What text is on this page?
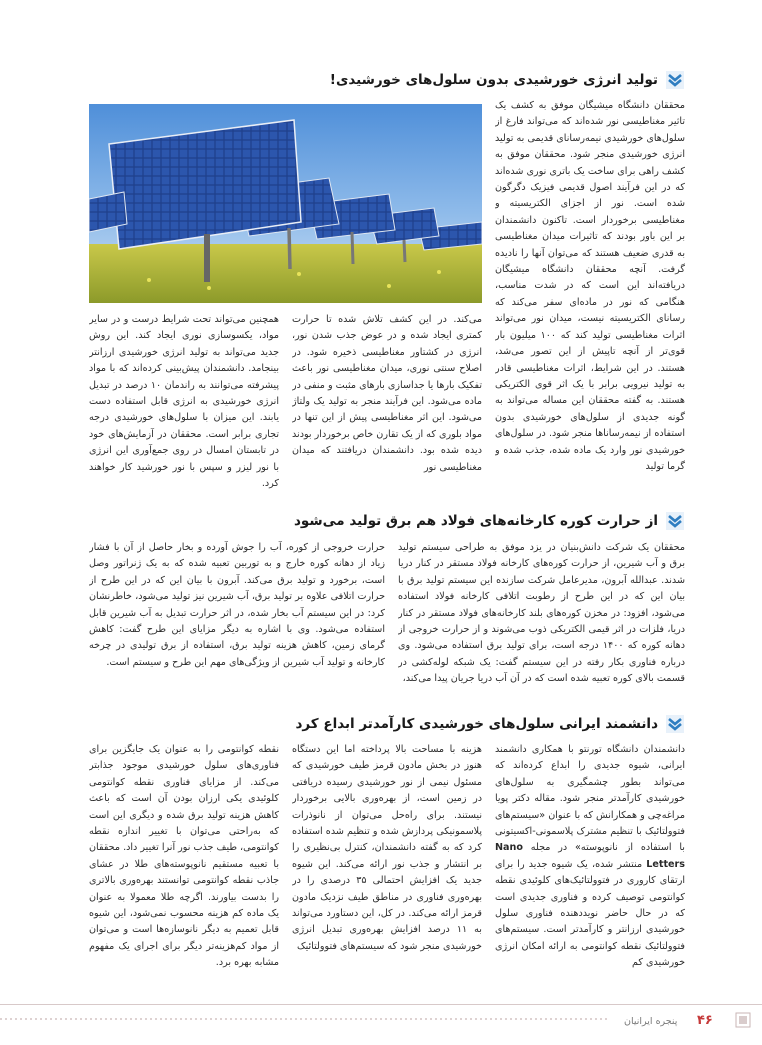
تولید انرژی خورشیدی بدون سلول‌های خورشیدی!

محققان دانشگاه میشیگان موفق به کشف یک تاثیر مغناطیسی نور شده‌اند که می‌تواند فارغ از سلول‌های خورشیدی نیمه‌رسانای قدیمی به تولید انرژی خورشیدی منجر شود. محققان موفق به کشف راهی برای ساخت یک باتری نوری شده‌اند که در این فرآیند اصول قدیمی فیزیک دگرگون شده است. نور از اجزای الکتریسیته و مغناطیسی برخوردار است. تاکنون دانشمندان بر این باور بودند که تاثیرات میدان مغناطیسی به قدری ضعیف هستند که می‌توان آنها را نادیده گرفت. آنچه محققان دانشگاه میشیگان دریافته‌اند این است که در شدت مناسب، هنگامی که نور در ماده‌ای سفر می‌کند که رسانای الکتریسیته نیست، میدان نور می‌تواند اثرات مغناطیسی تولید کند که ۱۰۰ میلیون بار قوی‌تر از آنچه تاپیش از این تصور می‌شد، هستند. در این شرایط، اثرات مغناطیسی قادر به تولید نیرویی برابر با یک اثر قوی الکتریکی هستند. به گفته محققان این مساله می‌تواند به گونه جدیدی از سلول‌های خورشیدی بدون استفاده از نیمه‌رساناها منجر شود. در سلول‌های خورشیدی نور وارد یک ماده شده، جذب شده و گرما تولید

می‌کند. در این کشف تلاش شده تا حرارت کمتری ایجاد شده و در عوض جذب شدن نور، انرژی در کشتاور مغناطیسی ذخیره شود. در اصلاح سنتی نوری، میدان مغناطیسی نور باعث تفکیک بارها یا جداسازی بارهای مثبت و منفی در ماده می‌شود. این فرآیند منجر به تولید یک ولتاژ می‌شود. این اثر مغناطیسی پیش از این تنها در مواد بلوری که از یک تقارن خاص برخوردار بودند دیده شده بود. دانشمندان دریافتند که میدان مغناطیسی نور

همچنین می‌تواند تحت شرایط درست و در سایر مواد، یکسوسازی نوری ایجاد کند. این روش جدید می‌تواند به تولید انرژی خورشیدی ارزانتر بینجامد. دانشمندان پیش‌بینی کرده‌اند که با مواد پیشرفته می‌توانند به راندمان ۱۰ درصد در تبدیل انرژی خورشیدی به انرژی قابل استفاده دست یابند. این میزان با سلول‌های خورشیدی درجه تجاری برابر است. محققان در آزمایش‌های خود در تابستان امسال در روی جمع‌آوری این انرژی با نور لیزر و سپس با نور خورشید کار خواهند کرد.

از حرارت کوره کارخانه‌های فولاد هم برق تولید می‌شود

محققان یک شرکت دانش‌بنیان در یزد موفق به طراحی سیستم تولید برق و آب شیرین، از حرارت کوره‌های کارخانه فولاد مستقر در کنار دریا شدند. عبدالله آبرون، مدیرعامل شرکت سازنده این سیستم تولید برق با بیان این که در این طرح از رطوبت اتلافی کارخانه فولاد استفاده می‌شود، افزود: در مخزن کوره‌های بلند کارخانه‌های فولاد مستقر در کنار دریا، فلزات در اثر قیمی الکتریکی ذوب می‌شوند و از حرارت خروجی از دهانه کوره که ۱۴۰۰ درجه است، برای تولید برق استفاده می‌شود. وی درباره فناوری بکار رفته در این سیستم گفت: یک شبکه لوله‌کشی در قسمت بالای کوره تعبیه شده است که در آن آب دریا جریان پیدا می‌کند،

حرارت خروجی از کوره، آب را جوش آورده و بخار حاصل از آن با فشار زیاد از دهانه کوره خارج و به توربین تعبیه شده که به یک ژنراتور وصل است، برخورد و تولید برق می‌کند. آبرون با بیان این که در این طرح از حرارت اتلافی علاوه بر تولید برق، آب شیرین نیز تولید می‌شود، خاطرنشان کرد: در این سیستم آب بخار شده، در اثر حرارت تبدیل به آب شیرین قابل استفاده می‌شود. وی با اشاره به دیگر مزایای این طرح گفت: کاهش گرمای زمین، کاهش هزینه تولید برق، استفاده از برق تولیدی در چرخه کارخانه و تولید آب شیرین از ویژگی‌های مهم این طرح و سیستم است.

دانشمند ایرانی سلول‌های خورشیدی کارآمدتر ابداع کرد

دانشمندان دانشگاه تورنتو با همکاری دانشمند ایرانی، شیوه جدیدی را ابداع کرده‌اند که می‌تواند بطور چشمگیری به سلول‌های خورشیدی کارآمدتر منجر شود. مقاله دکتر پویا مراغه‌چی و همکارانش که با عنوان «سیستم‌های فتوولتائیک با تنظیم مشترک پلاسمونی-اکسیتونی با استفاده از نانوپوسته» در مجله Nano Letters منتشر شده، یک شیوه جدید را برای ارتقای کاروری در فتوولتائیک‌های کلوئیدی نقطه کوانتومی توصیف کرده و فناوری جدیدی است که در حال حاضر نوید‌دهنده فناوری سلول خورشیدی ارزانتر و کارآمدتر است. سیستم‌های فتوولتائیک نقطه کوانتومی به ارائه امکان انرژی خورشیدی کم

هزینه با مساحت بالا پرداخته اما این دستگاه هنوز در بخش مادون قرمز طیف خورشیدی که مسئول نیمی از نور خورشیدی رسیده دریافتی در زمین است، از بهره‌وری بالایی برخوردار نیستند. برای راه‌حل می‌توان از نانوذرات پلاسمونیکی پردازش شده و تنظیم شده استفاده کرد که به گفته دانشمندان، کنترل بی‌نظیری را بر انتشار و جذب نور ارائه می‌کند. این شیوه جدید یک افزایش احتمالی ۳۵ درصدی را در بهره‌وری فناوری در مناطق طیف نزدیک مادون قرمز ارائه می‌کند. در کل، این دستاورد می‌تواند به ۱۱ درصد افزایش بهره‌وری تبدیل انرژی خورشیدی منجر شود که سیستم‌های فتوولتائیک

نقطه کوانتومی را به عنوان یک جایگزین برای فناوری‌های سلول خورشیدی موجود جذابتر می‌کند. از مزایای فناوری نقطه کوانتومی کلوئیدی یکی ارزان بودن آن است که باعث کاهش هزینه تولید برق شده و دیگری این است که به‌راحتی می‌توان با تغییر اندازه نقطه کوانتومی، طیف جذب نور آنرا تغییر داد. محققان با تعبیه مستقیم نانوپوسته‌های طلا در عشای جاذب نقطه کوانتومی توانستند بهره‌وری بالاتری را بدست بیاورند. اگرچه طلا معمولا به عنوان یک ماده کم هزینه محسوب نمی‌شود، این شیوه قابل تعمیم به دیگر نانوسازه‌ها است و می‌توان از مواد کم‌هزینه‌تر دیگر برای اجرای یک مفهوم مشابه بهره برد.

پنجره ایرانیان ۴۶
